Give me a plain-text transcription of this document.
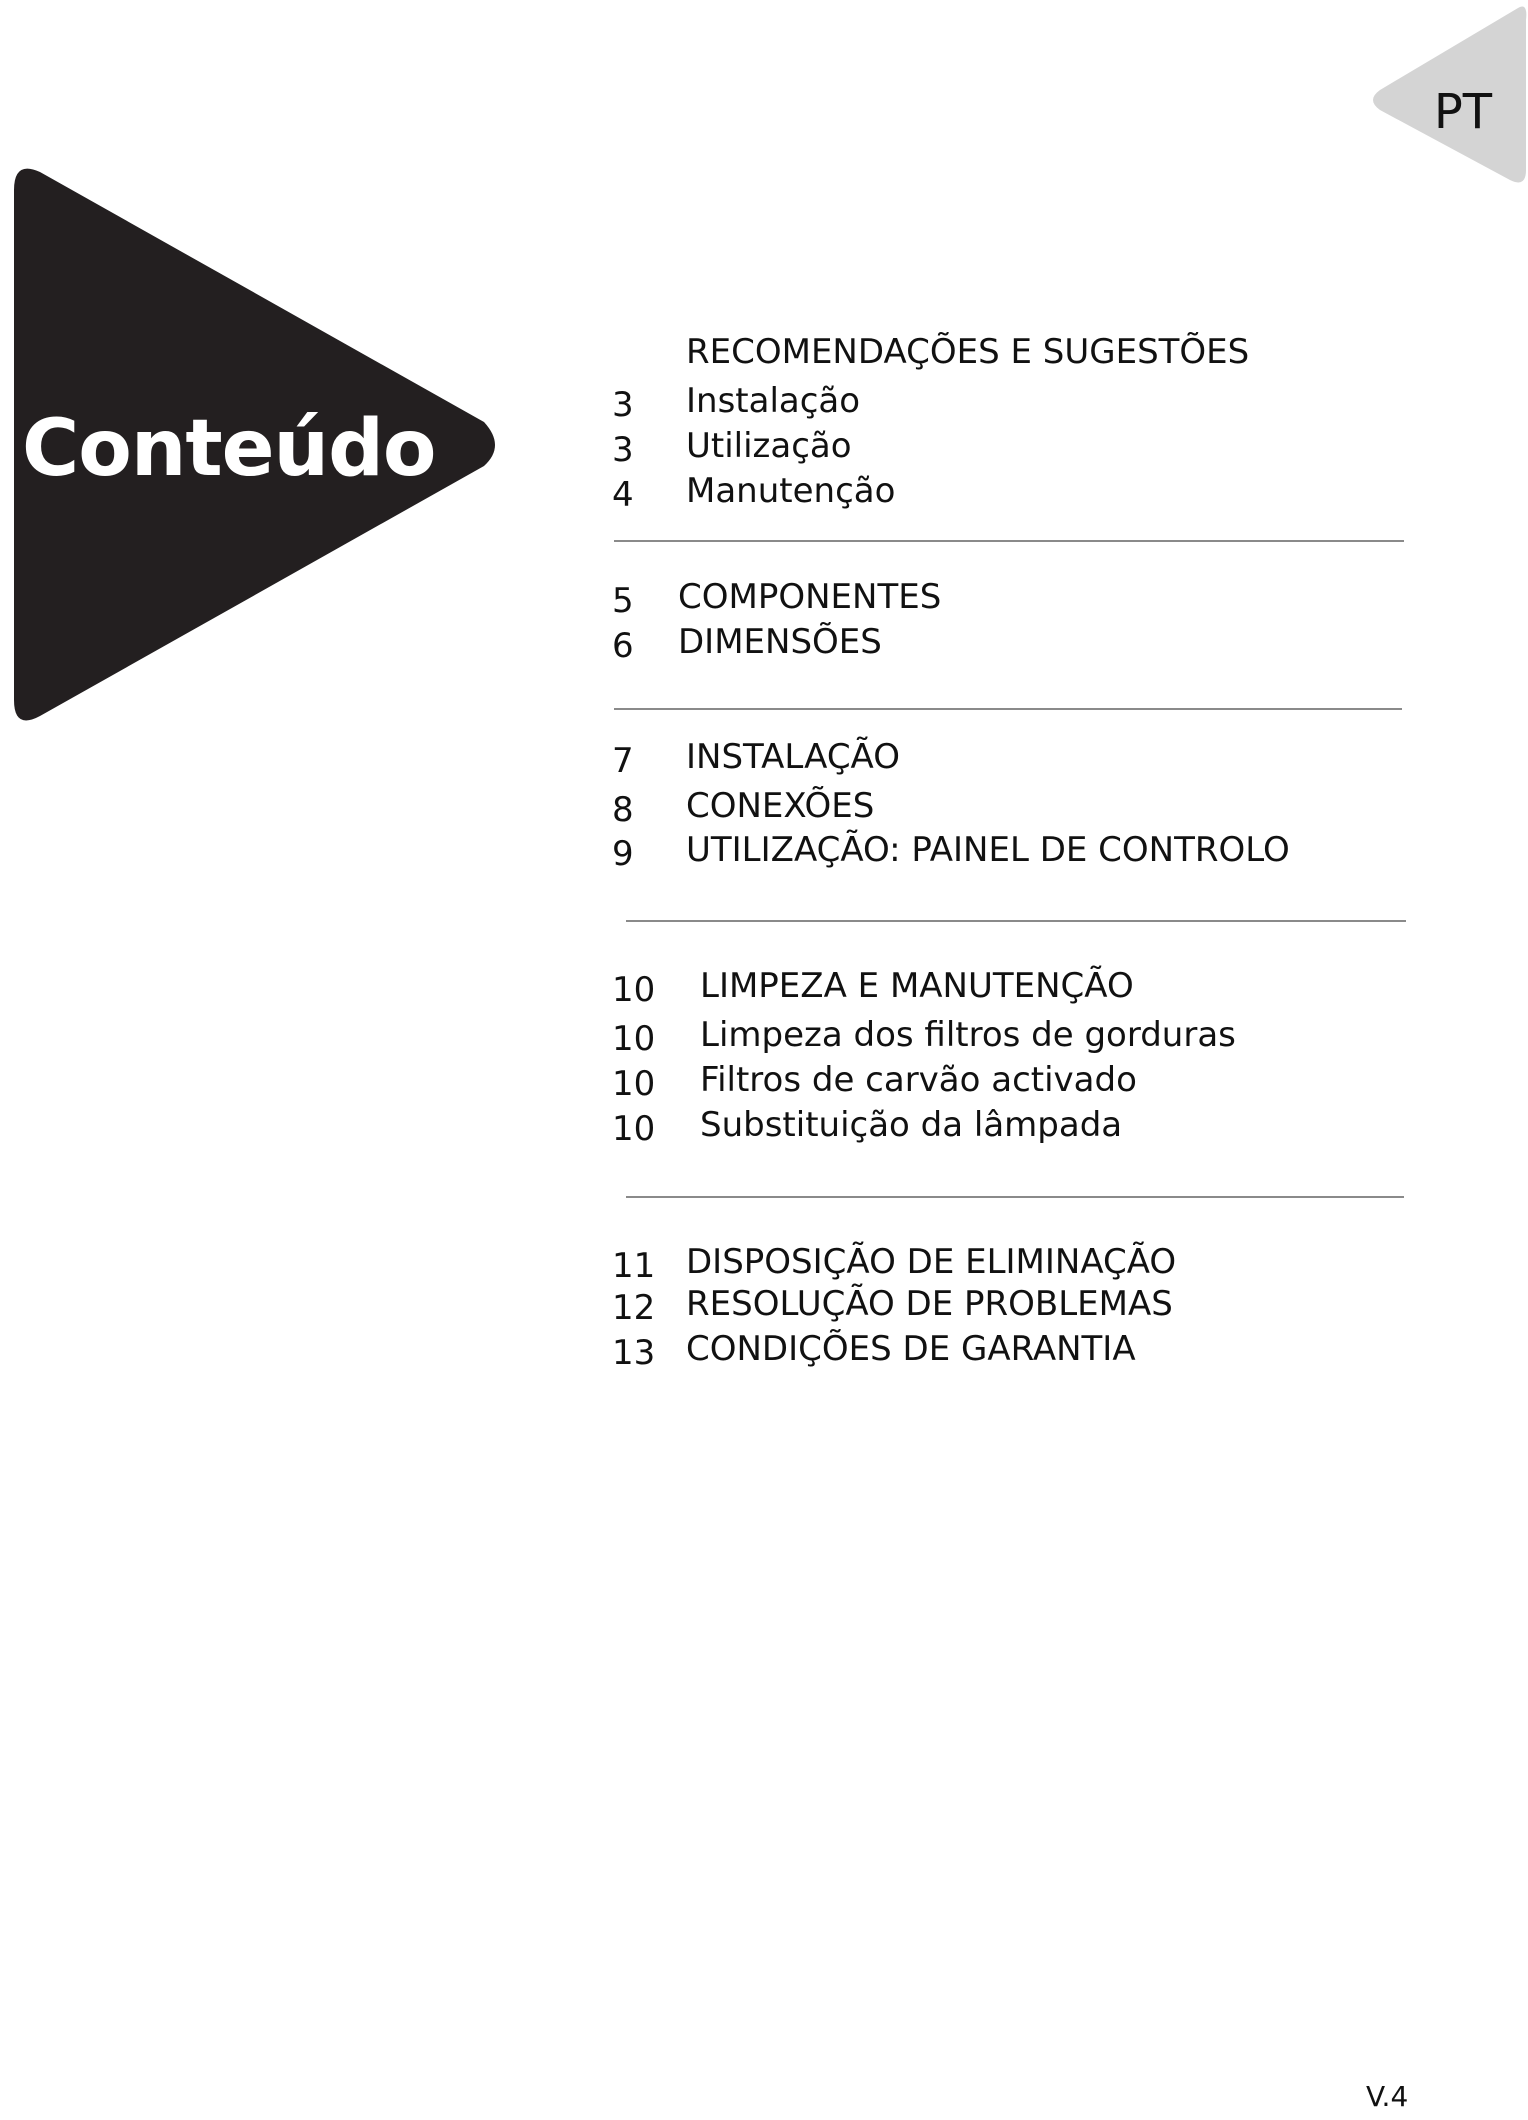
PT
Conteúdo
RECOMENDAÇÕES E SUGESTÕES
3 Instalação
3 Utilização
4 Manutenção
5 COMPONENTES
6 DIMENSÕES
7 INSTALAÇÃO
8 CONEXÕES
9 UTILIZAÇÃO: PAINEL DE CONTROLO
10 LIMPEZA E MANUTENÇÃO
10 Limpeza dos filtros de gorduras
10 Filtros de carvão activado
10 Substituição da lâmpada
11 DISPOSIÇÃO DE ELIMINAÇÃO
12 RESOLUÇÃO DE PROBLEMAS
13 CONDIÇÕES DE GARANTIA
V.4
